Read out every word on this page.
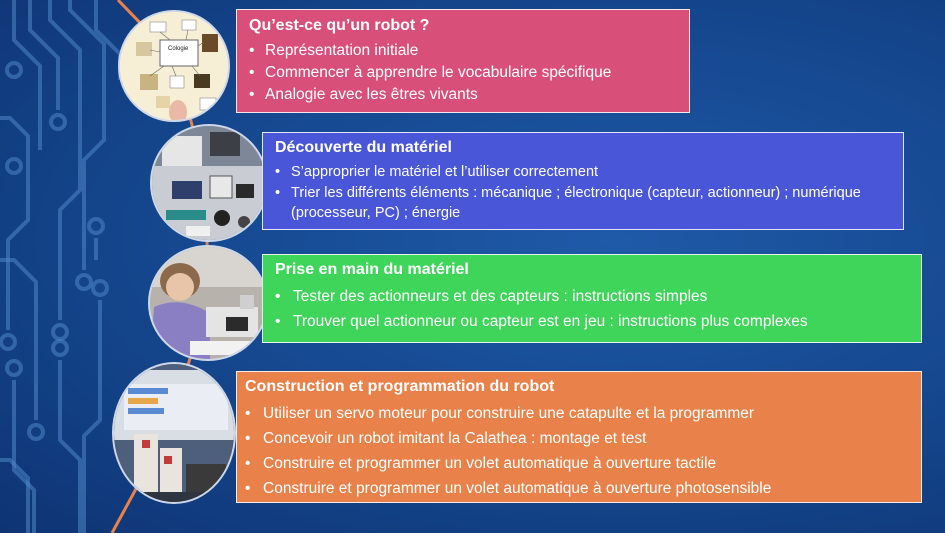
Cologie
Qu’est-ce qu’un robot ?
• Représentation initiale
• Commencer à apprendre le vocabulaire spécifique
• Analogie avec les êtres vivants
Découverte du matériel
• S’approprier le matériel et l’utiliser correctement
• Trier les différents éléments : mécanique ; électronique (capteur, actionneur) ; numérique (processeur, PC) ; énergie
Prise en main du matériel
• Tester des actionneurs et des capteurs : instructions simples
• Trouver quel actionneur ou capteur est en jeu : instructions plus complexes
Construction et programmation du robot
• Utiliser un servo moteur pour construire une catapulte et la programmer
• Concevoir un robot imitant la Calathea : montage et test
• Construire et programmer un volet automatique à ouverture tactile
• Construire et programmer un volet automatique à ouverture photosensible
